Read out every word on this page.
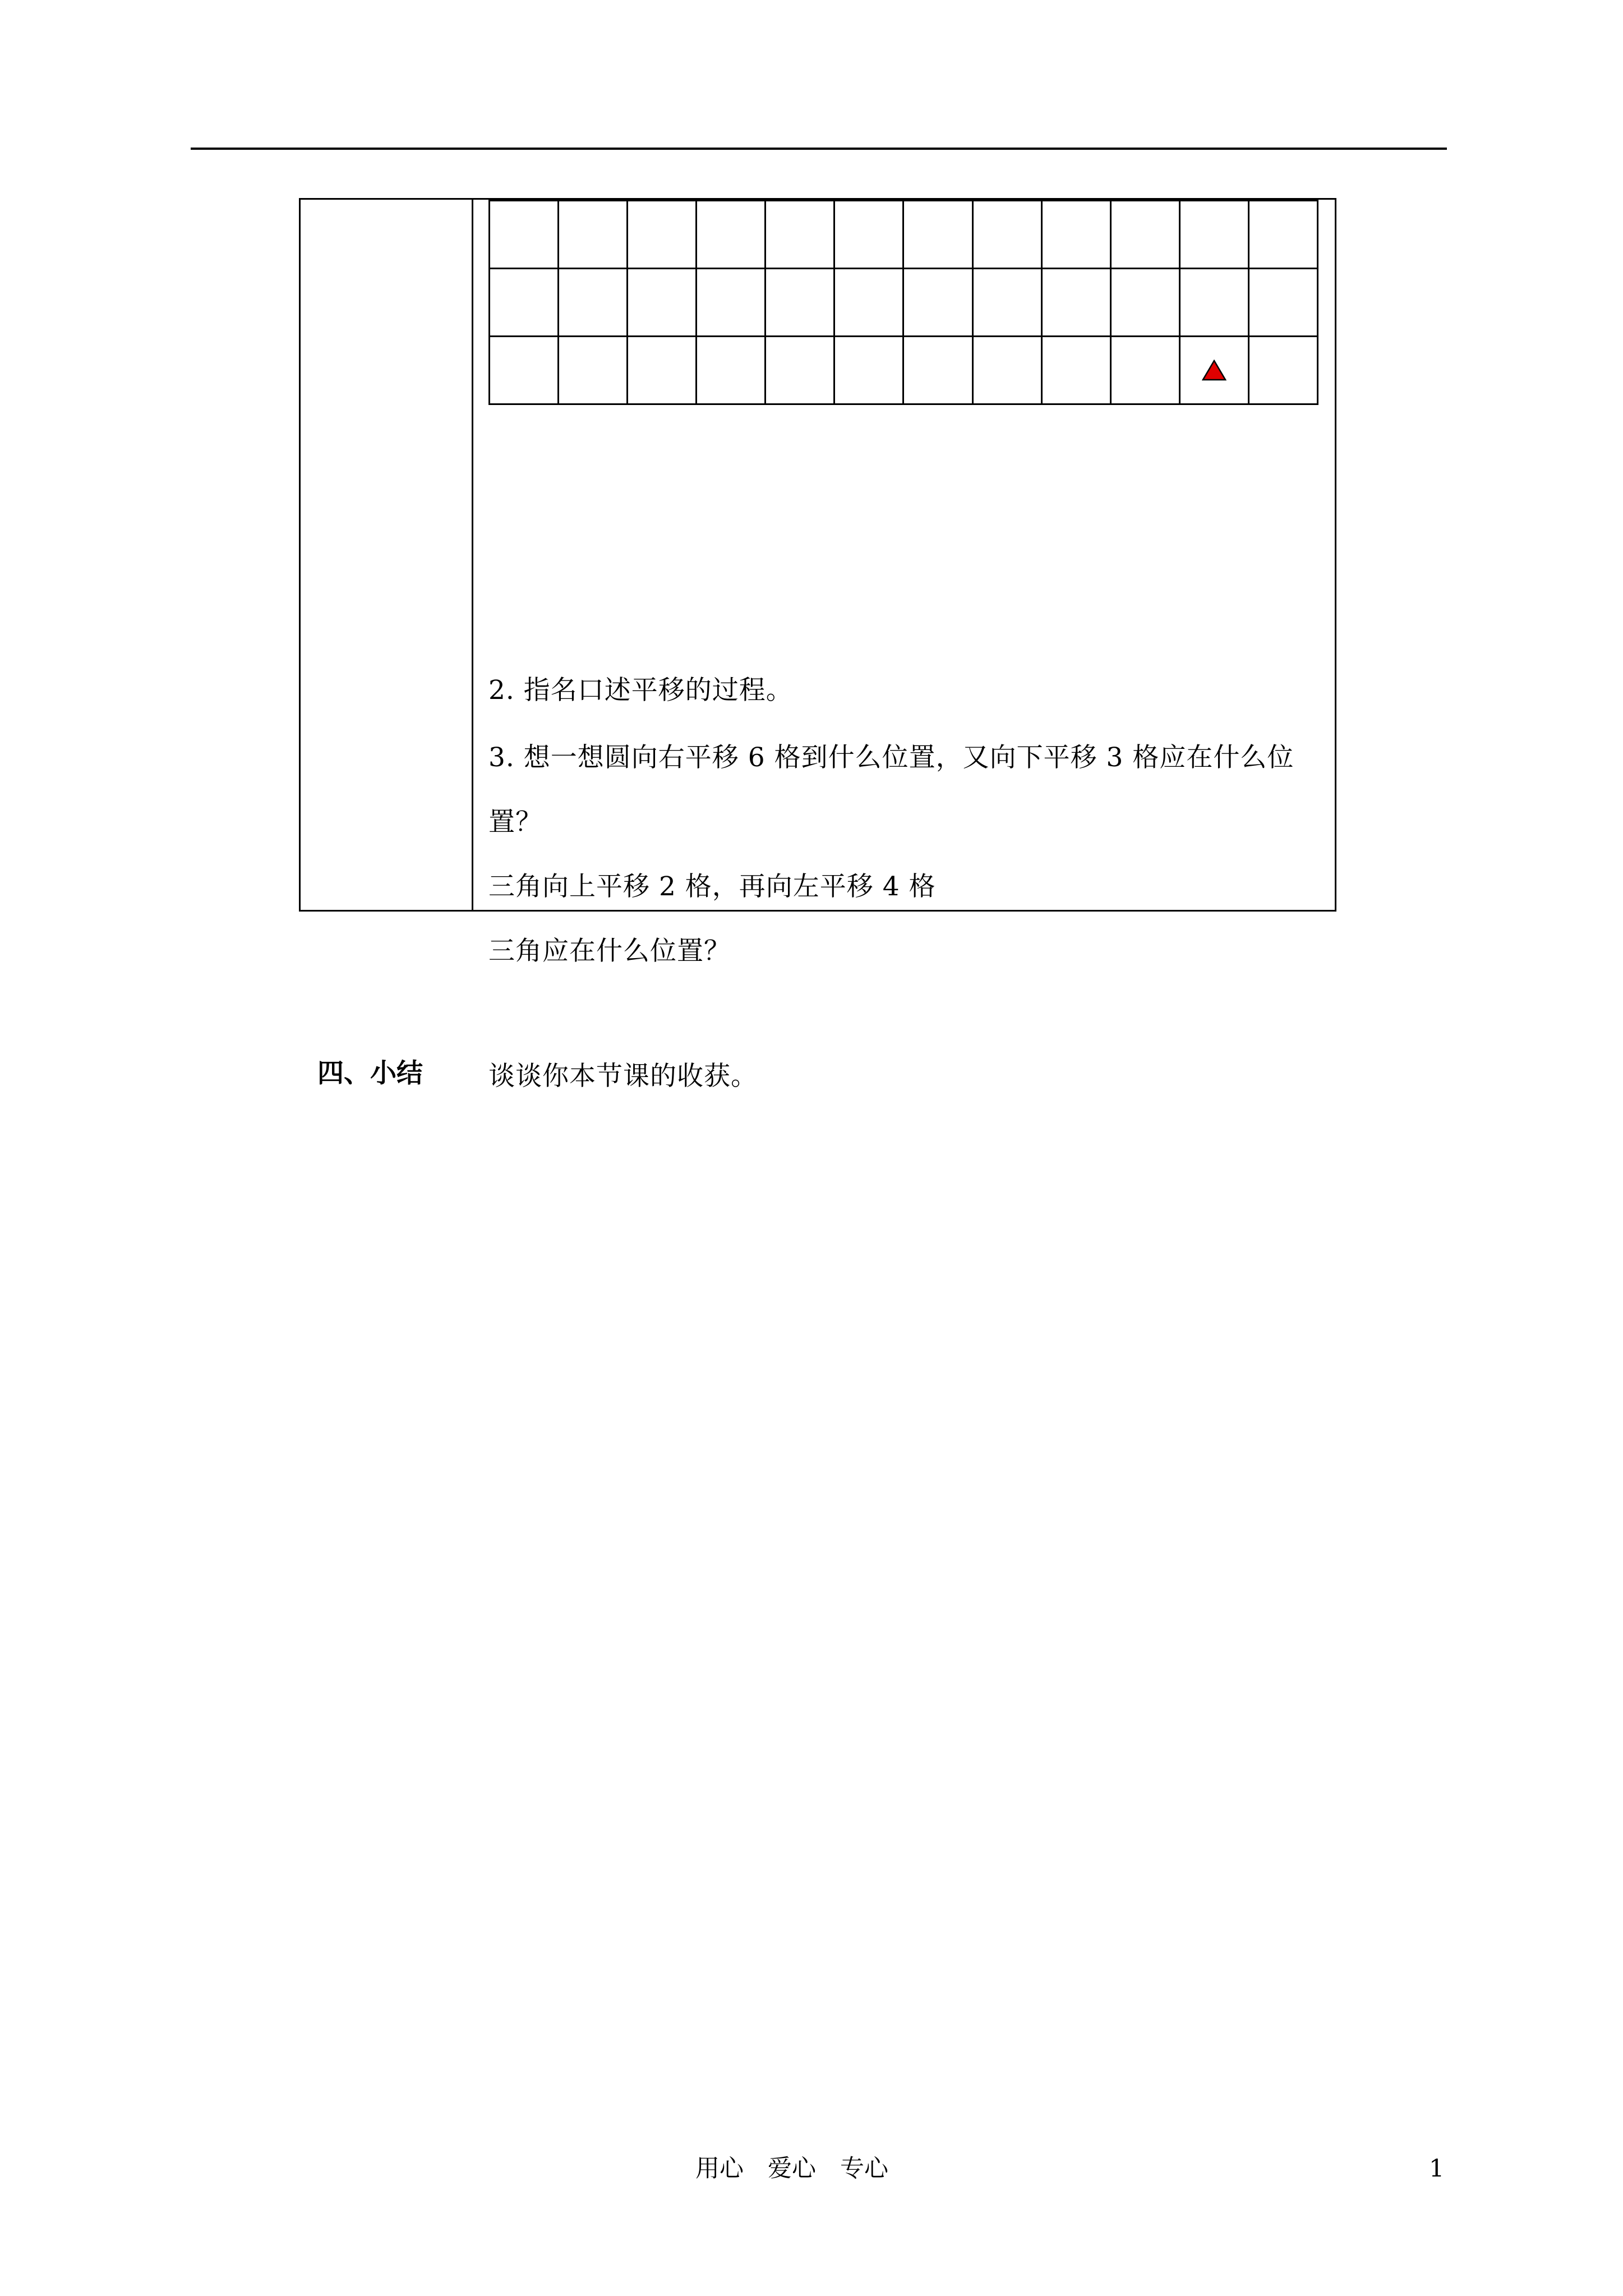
2. 指名口述平移的过程。
3. 想一想圆向右平移 6 格到什么位置，又向下平移 3 格应在什么位
置？
三角向上平移 2 格，再向左平移 4 格
三角应在什么位置？
四、小结 谈谈你本节课的收获。
用心　爱心　专心	1
